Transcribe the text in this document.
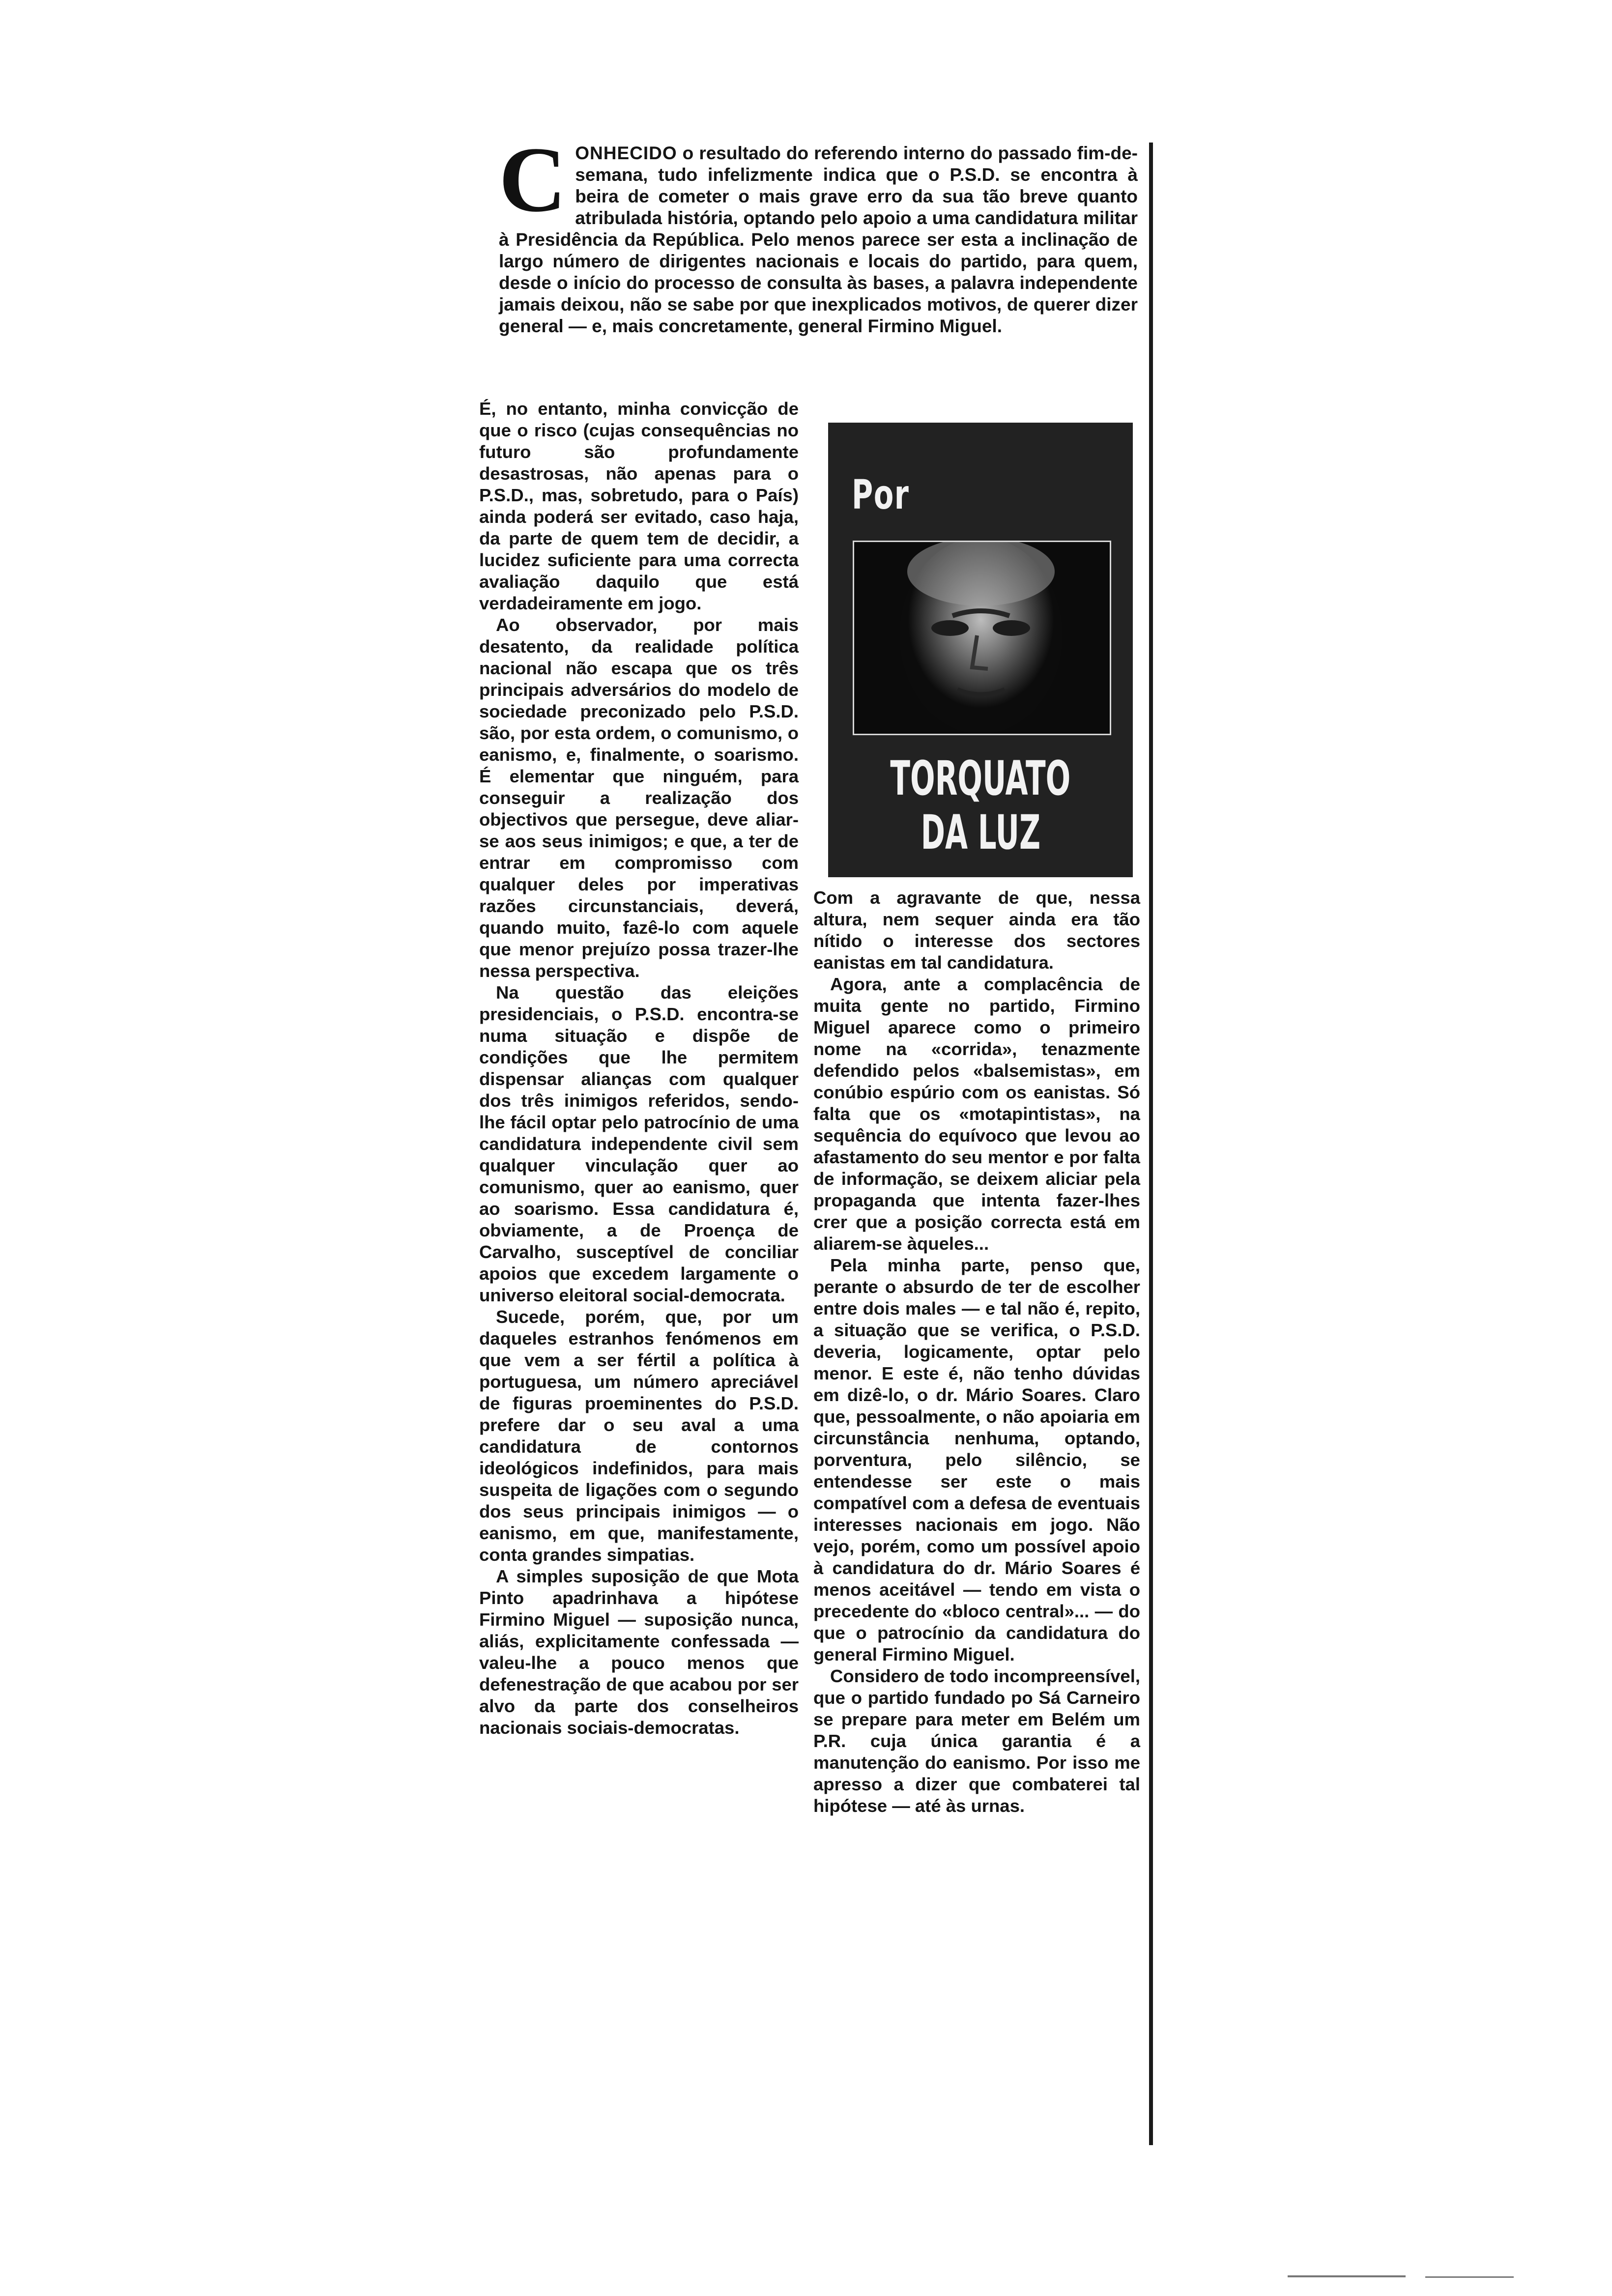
CONHECIDO o resultado do referendo interno do passado fim-de-semana, tudo infelizmente indica que o P.S.D. se encontra à beira de cometer o mais grave erro da sua tão breve quanto atribulada história, optando pelo apoio a uma candidatura militar à Presidência da República. Pelo menos parece ser esta a inclinação de largo número de dirigentes nacionais e locais do partido, para quem, desde o início do processo de consulta às bases, a palavra independente jamais deixou, não se sabe por que inexplicados motivos, de querer dizer general — e, mais concretamente, general Firmino Miguel.

É, no entanto, minha convicção de que o risco (cujas consequências no futuro são profundamente desastrosas, não apenas para o P.S.D., mas, sobretudo, para o País) ainda poderá ser evitado, caso haja, da parte de quem tem de decidir, a lucidez suficiente para uma correcta avaliação daquilo que está verdadeiramente em jogo.

Ao observador, por mais desatento, da realidade política nacional não escapa que os três principais adversários do modelo de sociedade preconizado pelo P.S.D. são, por esta ordem, o comunismo, o eanismo, e, finalmente, o soarismo. É elementar que ninguém, para conseguir a realização dos objectivos que persegue, deve aliar-se aos seus inimigos; e que, a ter de entrar em compromisso com qualquer deles por imperativas razões circunstanciais, deverá, quando muito, fazê-lo com aquele que menor prejuízo possa trazer-lhe nessa perspectiva.

Na questão das eleições presidenciais, o P.S.D. encontra-se numa situação e dispõe de condições que lhe permitem dispensar alianças com qualquer dos três inimigos referidos, sendo-lhe fácil optar pelo patrocínio de uma candidatura independente civil sem qualquer vinculação quer ao comunismo, quer ao eanismo, quer ao soarismo. Essa candidatura é, obviamente, a de Proença de Carvalho, susceptível de conciliar apoios que excedem largamente o universo eleitoral social-democrata.

Sucede, porém, que, por um daqueles estranhos fenómenos em que vem a ser fértil a política à portuguesa, um número apreciável de figuras proeminentes do P.S.D. prefere dar o seu aval a uma candidatura de contornos ideológicos indefinidos, para mais suspeita de ligações com o segundo dos seus principais inimigos — o eanismo, em que, manifestamente, conta grandes simpatias.

A simples suposição de que Mota Pinto apadrinhava a hipótese Firmino Miguel — suposição nunca, aliás, explicitamente confessada — valeu-lhe a pouco menos que defenestração de que acabou por ser alvo da parte dos conselheiros nacionais sociais-democratas.

Por
TORQUATO
DA LUZ

Com a agravante de que, nessa altura, nem sequer ainda era tão nítido o interesse dos sectores eanistas em tal candidatura.

Agora, ante a complacência de muita gente no partido, Firmino Miguel aparece como o primeiro nome na «corrida», tenazmente defendido pelos «balsemistas», em conúbio espúrio com os eanistas. Só falta que os «motapintistas», na sequência do equívoco que levou ao afastamento do seu mentor e por falta de informação, se deixem aliciar pela propaganda que intenta fazer-lhes crer que a posição correcta está em aliarem-se àqueles...

Pela minha parte, penso que, perante o absurdo de ter de escolher entre dois males — e tal não é, repito, a situação que se verifica, o P.S.D. deveria, logicamente, optar pelo menor. E este é, não tenho dúvidas em dizê-lo, o dr. Mário Soares. Claro que, pessoalmente, o não apoiaria em circunstância nenhuma, optando, porventura, pelo silêncio, se entendesse ser este o mais compatível com a defesa de eventuais interesses nacionais em jogo. Não vejo, porém, como um possível apoio à candidatura do dr. Mário Soares é menos aceitável — tendo em vista o precedente do «bloco central»... — do que o patrocínio da candidatura do general Firmino Miguel.

Considero de todo incompreensível, que o partido fundado po Sá Carneiro se prepare para meter em Belém um P.R. cuja única garantia é a manutenção do eanismo. Por isso me apresso a dizer que combaterei tal hipótese — até às urnas.
